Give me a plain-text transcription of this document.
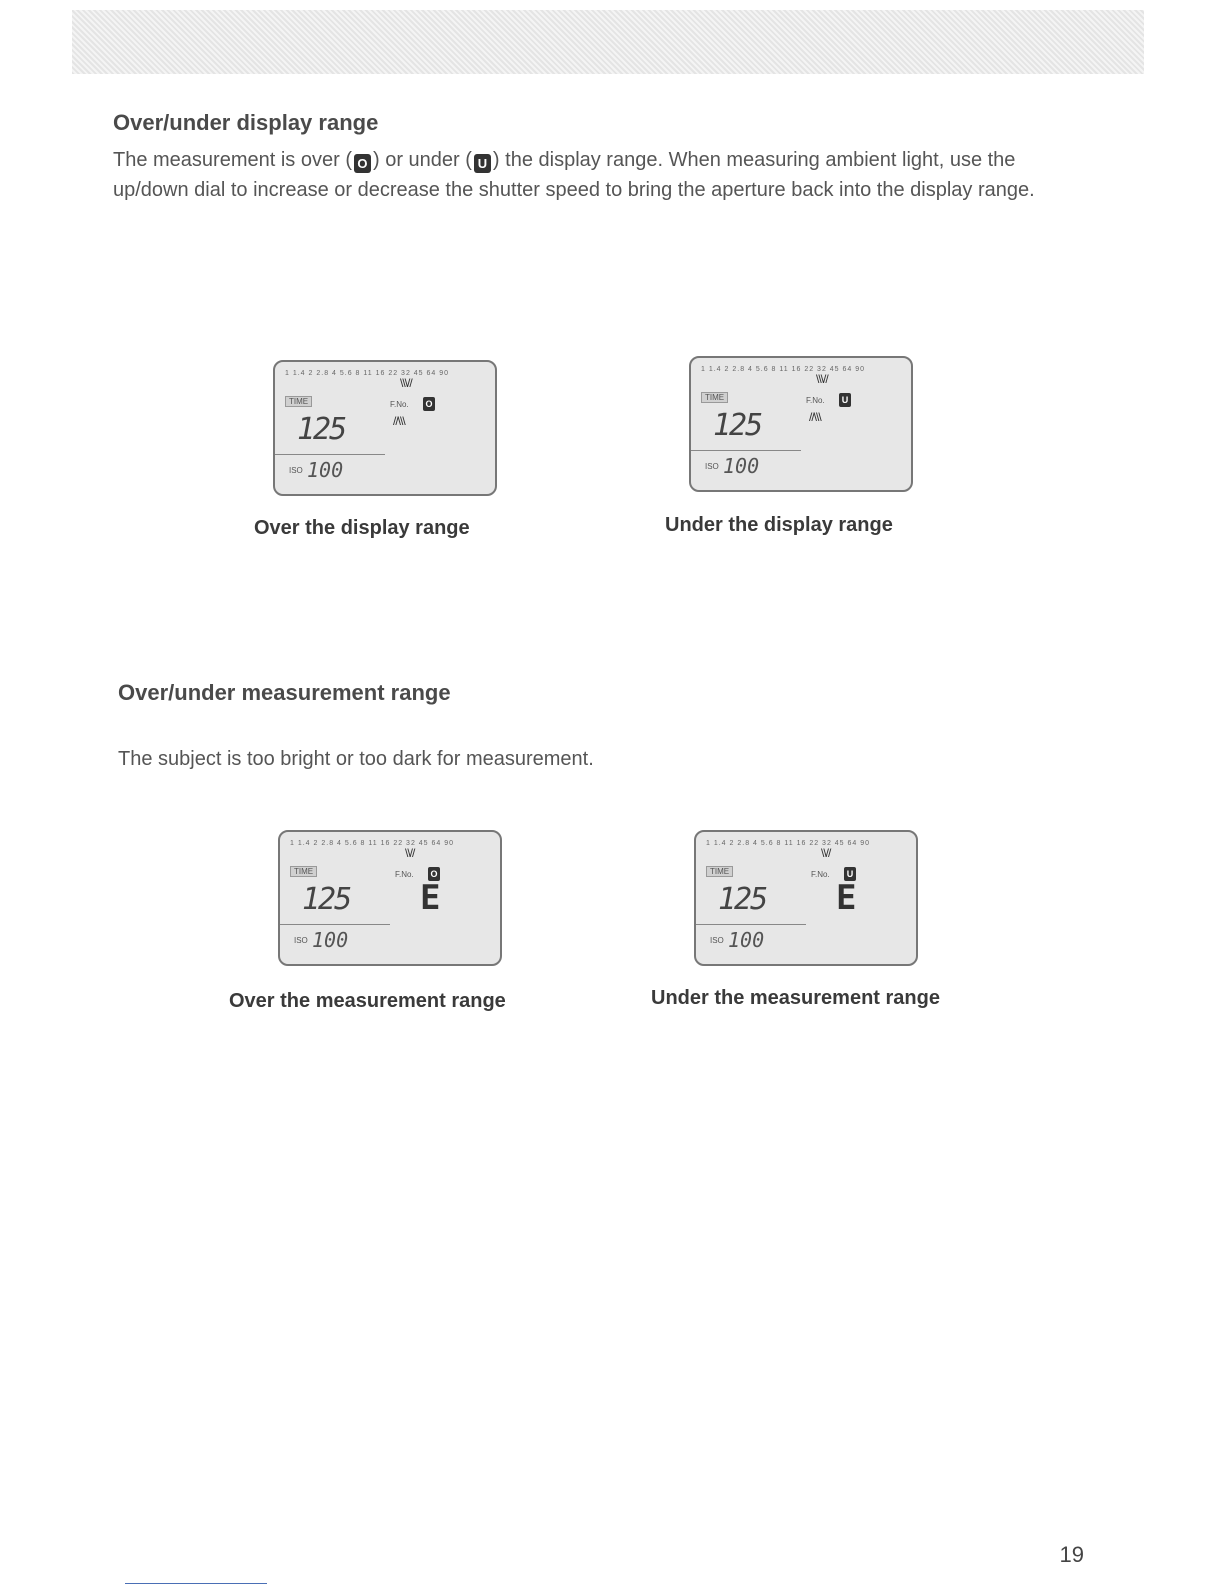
Over/under display range

The measurement is over ( O ) or under ( U ) the display range. When measuring ambient light, use the up/down dial to increase or decrease the shutter speed to bring the aperture back into the display range.

1 1.4 2 2.8 4 5.6 8 11 16 22 32 45 64 90
\\\//
TIME	F.No. O
//\\\
125
ISO 100
Over the display range
1 1.4 2 2.8 4 5.6 8 11 16 22 32 45 64 90
\\\//
TIME	F.No.	U
//\\\
125
ISO 100
Under the display range
Over/under measurement range

The subject is too bright or too dark for measurement.

1 1.4 2 2.8 4 5.6 8 11 16 22 32 45 64 90
\\//
TIME	F.No. O
125 E
ISO 100
Over the measurement range
1 1.4 2 2.8 4 5.6 8 11 16 22 32 45 64 90
\\//
TIME	F.No.	U
125 E
ISO 100
Under the measurement range
19
